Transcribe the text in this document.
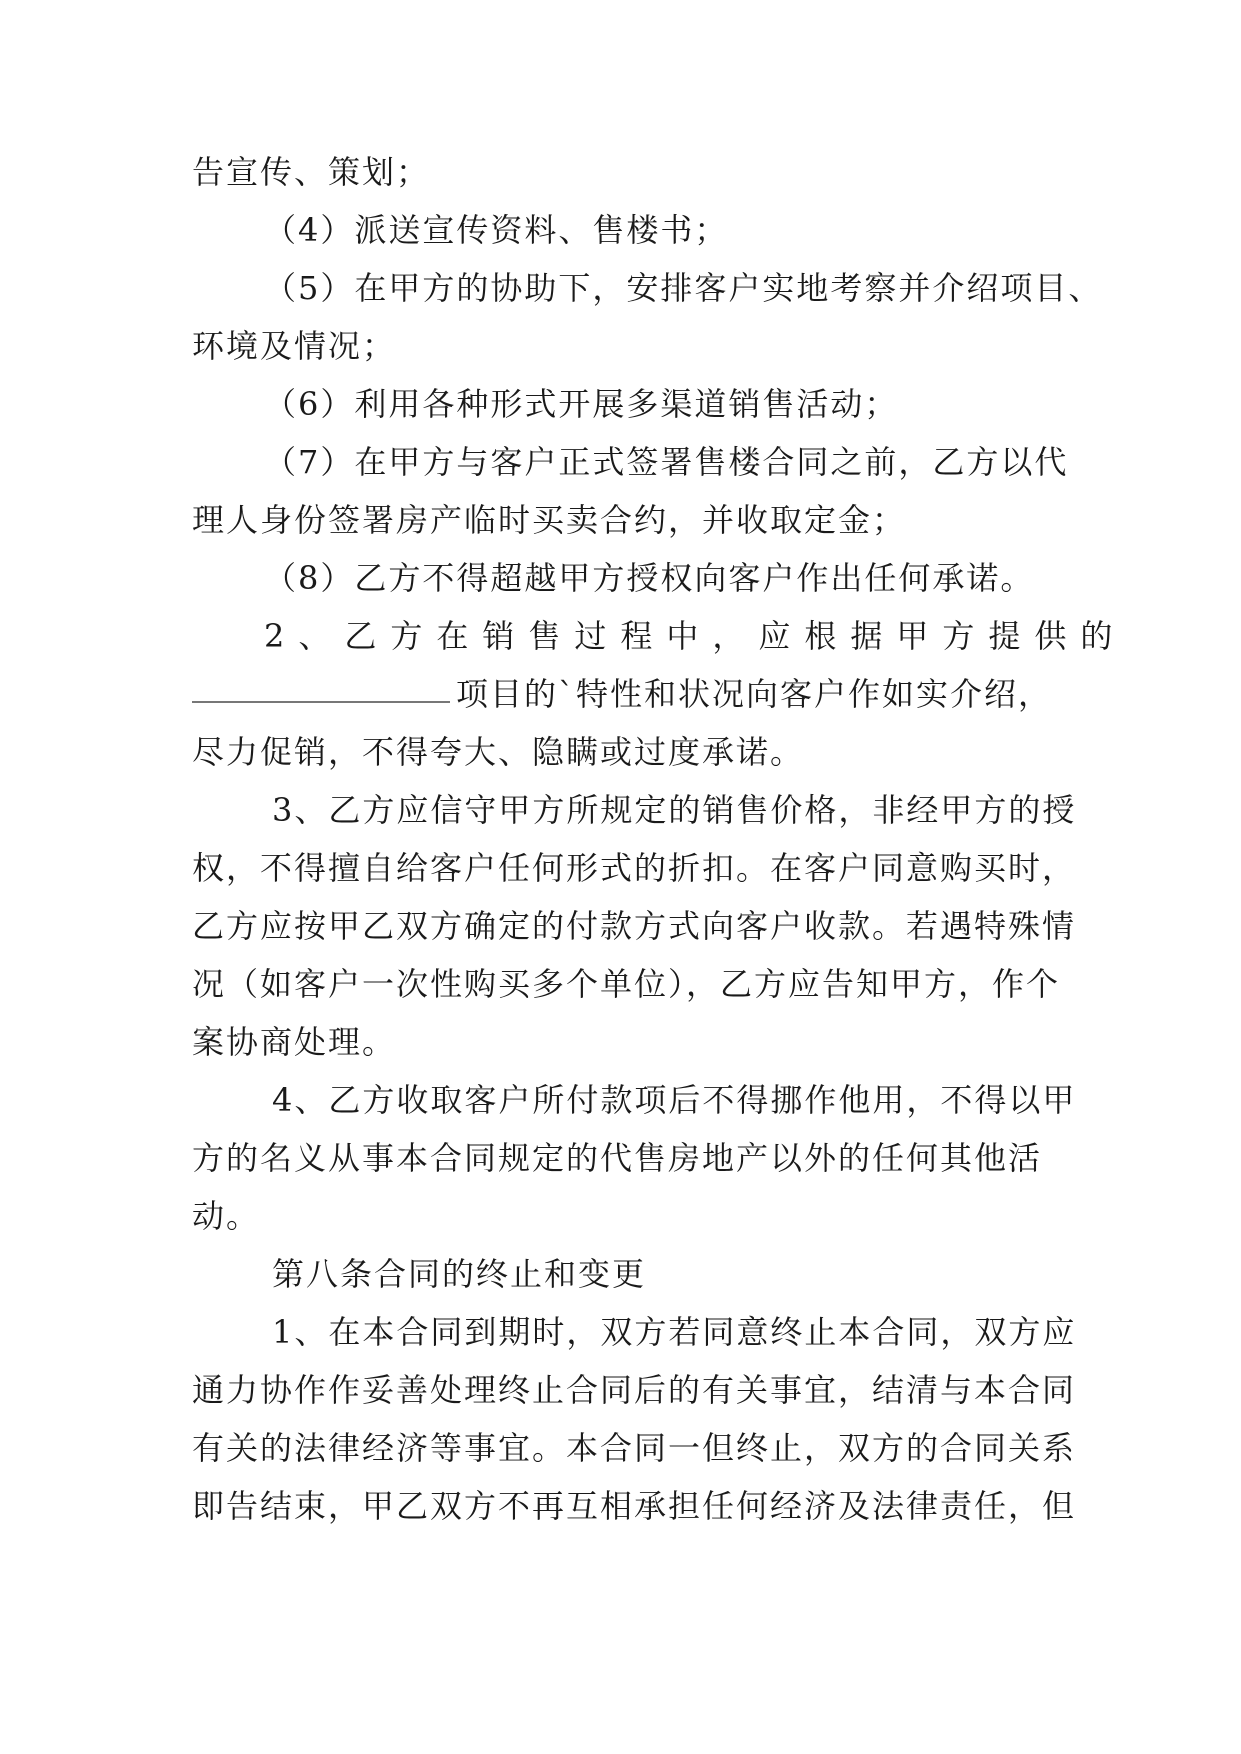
告宣传、策划；
（4）派送宣传资料、售楼书；
（5）在甲方的协助下，安排客户实地考察并介绍项目、
环境及情况；
（6）利用各种形式开展多渠道销售活动；
（7）在甲方与客户正式签署售楼合同之前，乙方以代
理人身份签署房产临时买卖合约，并收取定金；
（8）乙方不得超越甲方授权向客户作出任何承诺。
2、乙方在销售过程中，应根据甲方提供的
项目的`特性和状况向客户作如实介绍，
尽力促销，不得夸大、隐瞒或过度承诺。
3、乙方应信守甲方所规定的销售价格，非经甲方的授
权，不得擅自给客户任何形式的折扣。在客户同意购买时，
乙方应按甲乙双方确定的付款方式向客户收款。若遇特殊情
况（如客户一次性购买多个单位），乙方应告知甲方，作个
案协商处理。
4、乙方收取客户所付款项后不得挪作他用，不得以甲
方的名义从事本合同规定的代售房地产以外的任何其他活
动。
第八条合同的终止和变更
1、在本合同到期时，双方若同意终止本合同，双方应
通力协作作妥善处理终止合同后的有关事宜，结清与本合同
有关的法律经济等事宜。本合同一但终止，双方的合同关系
即告结束，甲乙双方不再互相承担任何经济及法律责任，但
